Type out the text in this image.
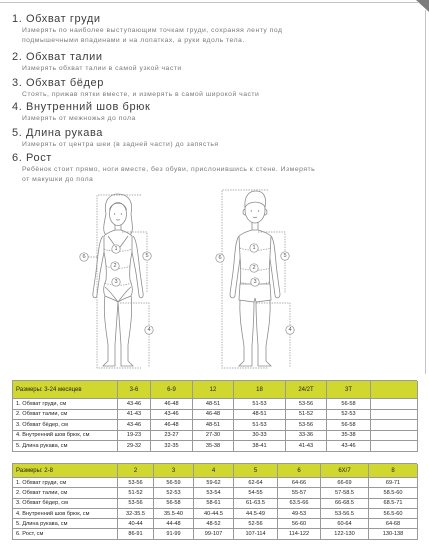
1. Обхват груди
Измерять по наиболее выступающим точкам груди, сохраняя ленту под
подмышечными впадинами и на лопатках, а руки вдоль тела.
2. Обхват талии
Измерять обхват талии в самой узкой части
3. Обхват бёдер
Стоять, прижав пятки вместе, и измерять в самой широкой части
4. Внутренний шов брюк
Измерять от межножья до пола
5. Длина рукава
Измерять от центра шеи (в задней части) до запястья
6. Рост
Ребёнок стоит прямо, ноги вместе, без обуви, прислонившись к стене. Измерять
от макушки до пола
6
1
2
3
5
4
6
1
2
3
5
4
Размеры: 3-24 месяцев	3-6	6-9	12	18	24/2T	3T
1. Обхват груди, см	43-46	46-48	48-51	51-53	53-56	56-58
2. Обхват талии, см	41-43	43-46	46-48	48-51	51-52	52-53
3. Обхват бёдер, см	43-46	46-48	48-51	51-53	53-56	56-58
4. Внутренний шов брюк, см	19-23	23-27	27-30	30-33	33-36	35-38
5. Длина рукава, см	29-32	32-35	35-38	38-41	41-43	43-46
Размеры: 2-8	2	3	4	5	6	6X/7	8
1. Обхват груди, см	53-56	56-59	59-62	62-64	64-66	66-69	69-71
2. Обхват талии, см	51-52	52-53	53-54	54-55	55-57	57-58.5	58.5-60
3. Обхват бёдер, см	53-56	56-58	58-61	61-63.5	63.5-66	66-68.5	68.5-71
4. Внутренний шов брюк, см	32-35.5	35.5-40	40-44.5	44.5-49	49-53	53-56.5	56.5-60
5. Длина рукава, см	40-44	44-48	48-52	52-56	56-60	60-64	64-68
6. Рост, см	86-91	91-99	99-107	107-114	114-122	122-130	130-138
